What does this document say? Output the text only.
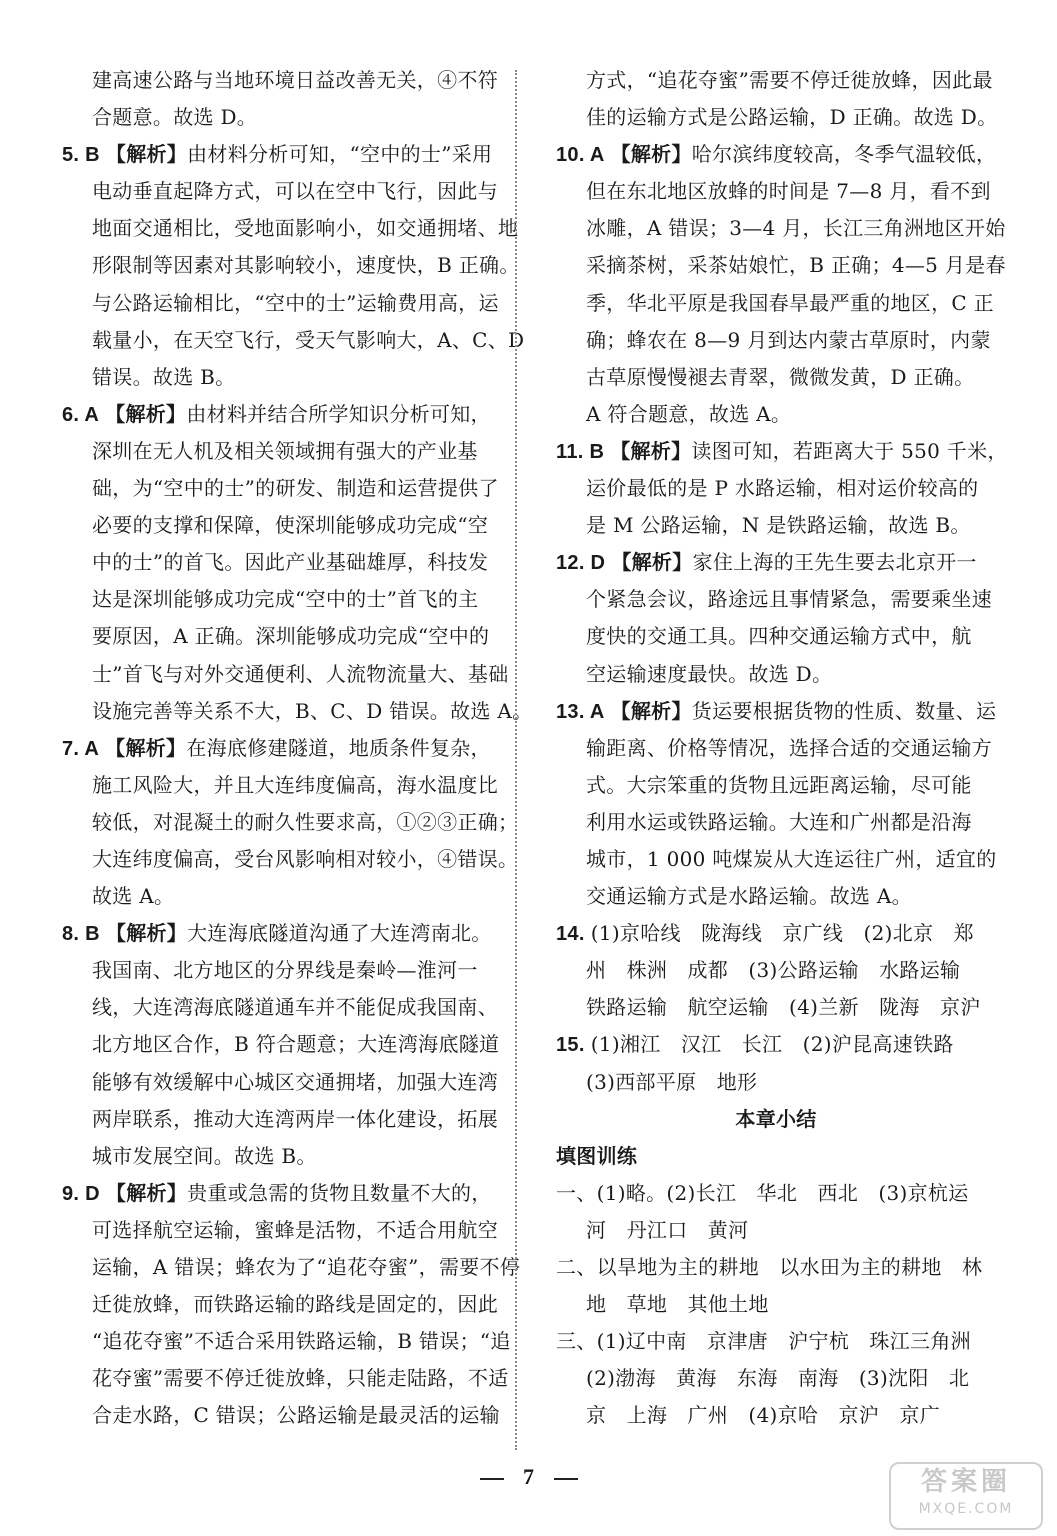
建高速公路与当地环境日益改善无关，④不符
合题意。故选 D。
5. B 【解析】由材料分析可知，“空中的士”采用
电动垂直起降方式，可以在空中飞行，因此与
地面交通相比，受地面影响小，如交通拥堵、地
形限制等因素对其影响较小，速度快，B 正确。
与公路运输相比，“空中的士”运输费用高，运
载量小，在天空飞行，受天气影响大，A、C、D
错误。故选 B。
6. A 【解析】由材料并结合所学知识分析可知，
深圳在无人机及相关领域拥有强大的产业基
础，为“空中的士”的研发、制造和运营提供了
必要的支撑和保障，使深圳能够成功完成“空
中的士”的首飞。因此产业基础雄厚，科技发
达是深圳能够成功完成“空中的士”首飞的主
要原因，A 正确。深圳能够成功完成“空中的
士”首飞与对外交通便利、人流物流量大、基础
设施完善等关系不大，B、C、D 错误。故选 A。
7. A 【解析】在海底修建隧道，地质条件复杂，
施工风险大，并且大连纬度偏高，海水温度比
较低，对混凝土的耐久性要求高，①②③正确；
大连纬度偏高，受台风影响相对较小，④错误。
故选 A。
8. B 【解析】大连海底隧道沟通了大连湾南北。
我国南、北方地区的分界线是秦岭—淮河一
线，大连湾海底隧道通车并不能促成我国南、
北方地区合作，B 符合题意；大连湾海底隧道
能够有效缓解中心城区交通拥堵，加强大连湾
两岸联系，推动大连湾两岸一体化建设，拓展
城市发展空间。故选 B。
9. D 【解析】贵重或急需的货物且数量不大的，
可选择航空运输，蜜蜂是活物，不适合用航空
运输，A 错误；蜂农为了“追花夺蜜”，需要不停
迁徙放蜂，而铁路运输的路线是固定的，因此
“追花夺蜜”不适合采用铁路运输，B 错误；“追
花夺蜜”需要不停迁徙放蜂，只能走陆路，不适
合走水路，C 错误；公路运输是最灵活的运输
方式，“追花夺蜜”需要不停迁徙放蜂，因此最
佳的运输方式是公路运输，D 正确。故选 D。
10. A 【解析】哈尔滨纬度较高，冬季气温较低，
但在东北地区放蜂的时间是 7—8 月，看不到
冰雕，A 错误；3—4 月，长江三角洲地区开始
采摘茶树，采茶姑娘忙，B 正确；4—5 月是春
季，华北平原是我国春旱最严重的地区，C 正
确；蜂农在 8—9 月到达内蒙古草原时，内蒙
古草原慢慢褪去青翠，微微发黄，D 正确。
A 符合题意，故选 A。
11. B 【解析】读图可知，若距离大于 550 千米，
运价最低的是 P 水路运输，相对运价较高的
是 M 公路运输，N 是铁路运输，故选 B。
12. D 【解析】家住上海的王先生要去北京开一
个紧急会议，路途远且事情紧急，需要乘坐速
度快的交通工具。四种交通运输方式中，航
空运输速度最快。故选 D。
13. A 【解析】货运要根据货物的性质、数量、运
输距离、价格等情况，选择合适的交通运输方
式。大宗笨重的货物且远距离运输，尽可能
利用水运或铁路运输。大连和广州都是沿海
城市，1 000 吨煤炭从大连运往广州，适宜的
交通运输方式是水路运输。故选 A。
14. (1)京哈线　陇海线　京广线　(2)北京　郑
州　株洲　成都　(3)公路运输　水路运输
铁路运输　航空运输　(4)兰新　陇海　京沪
15. (1)湘江　汉江　长江　(2)沪昆高速铁路
(3)西部平原　地形
本章小结
填图训练
一、(1)略。(2)长江　华北　西北　(3)京杭运
河　丹江口　黄河
二、以旱地为主的耕地　以水田为主的耕地　林
地　草地　其他土地
三、(1)辽中南　京津唐　沪宁杭　珠江三角洲
(2)渤海　黄海　东海　南海　(3)沈阳　北
京　上海　广州　(4)京哈　京沪　京广
7	答案圈
MXQE.COM
